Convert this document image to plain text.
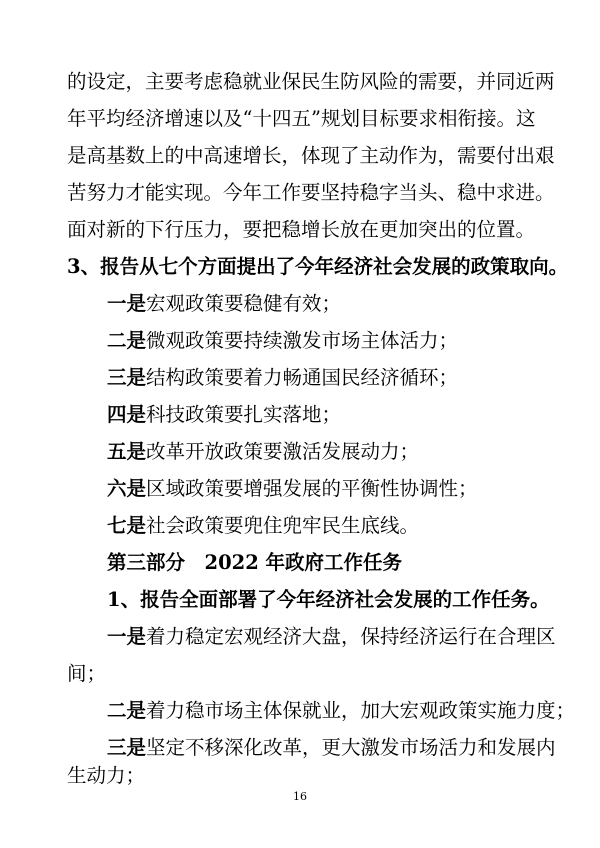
的设定，主要考虑稳就业保民生防风险的需要，并同近两
年平均经济增速以及“十四五”规划目标要求相衔接。这
是高基数上的中高速增长，体现了主动作为，需要付出艰
苦努力才能实现。今年工作要坚持稳字当头、稳中求进。
面对新的下行压力，要把稳增长放在更加突出的位置。
3、报告从七个方面提出了今年经济社会发展的政策取向。
一是宏观政策要稳健有效；
二是微观政策要持续激发市场主体活力；
三是结构政策要着力畅通国民经济循环；
四是科技政策要扎实落地；
五是改革开放政策要激活发展动力；
六是区域政策要增强发展的平衡性协调性；
七是社会政策要兜住兜牢民生底线。
第三部分　2022 年政府工作任务
1、报告全面部署了今年经济社会发展的工作任务。
一是着力稳定宏观经济大盘，保持经济运行在合理区
间；
二是着力稳市场主体保就业，加大宏观政策实施力度；
三是坚定不移深化改革，更大激发市场活力和发展内
生动力；
16
